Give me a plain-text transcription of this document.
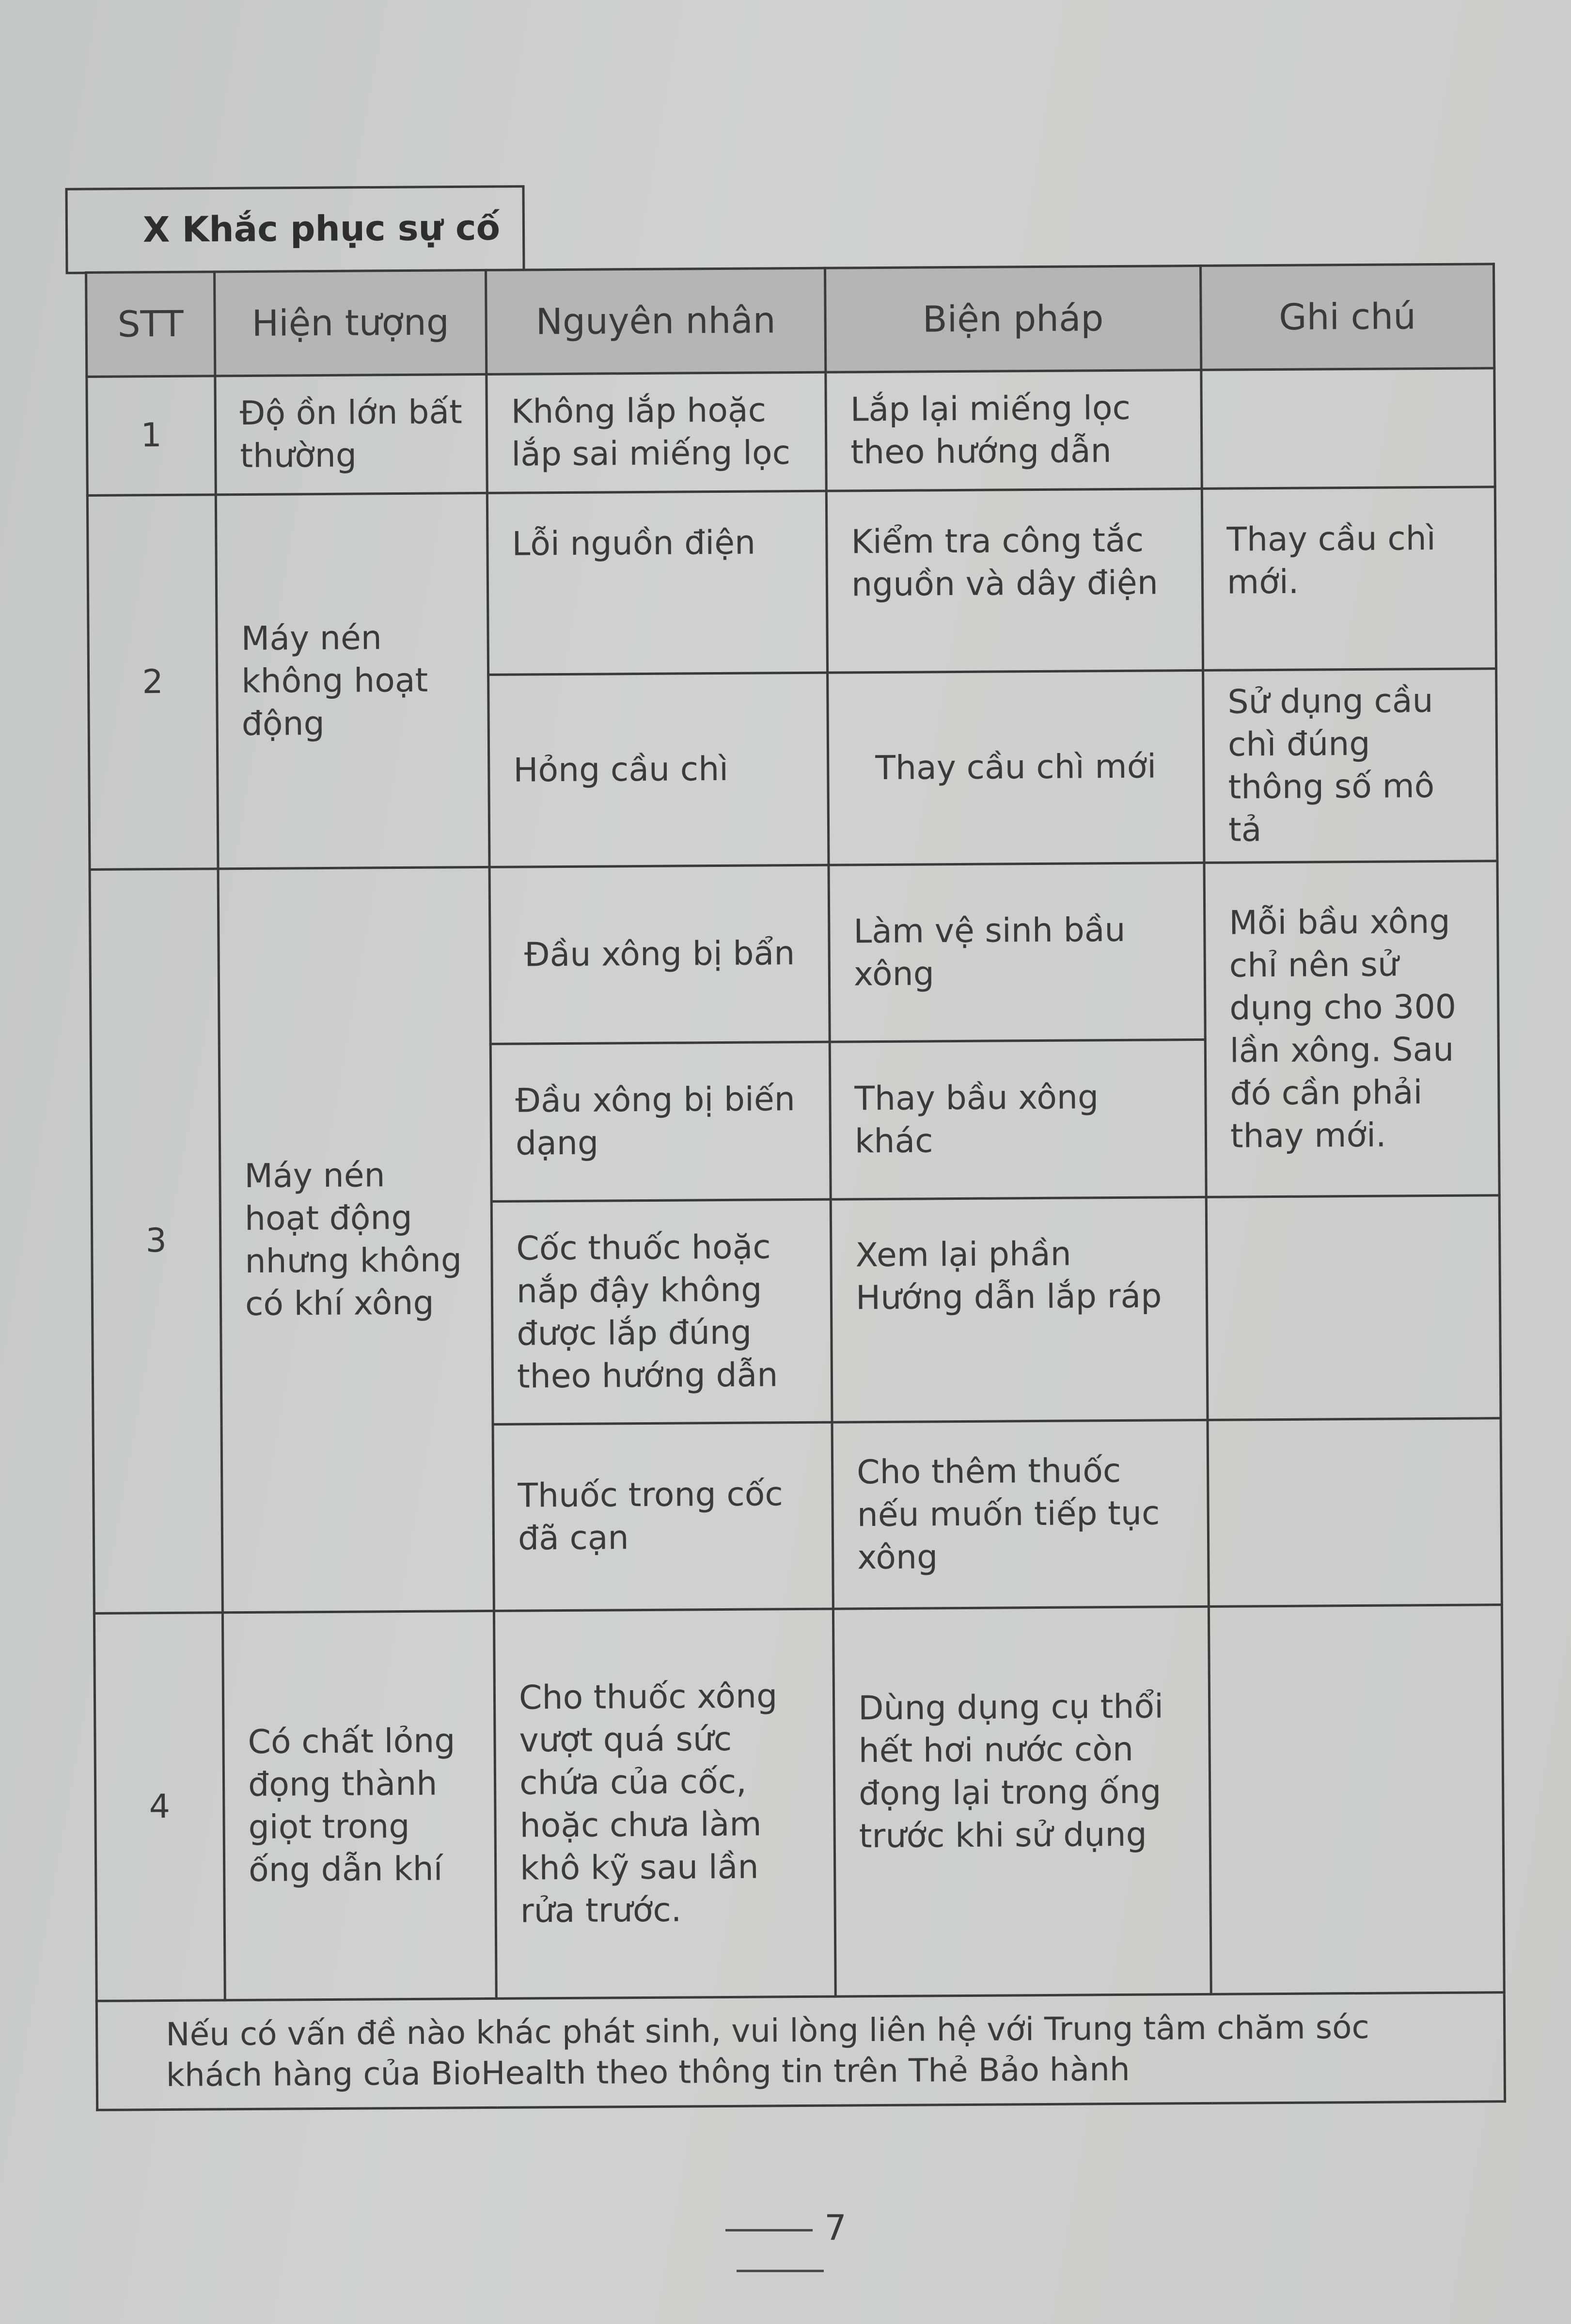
X Khắc phục sự cố
STT	Hiện tượng	Nguyên nhân	Biện pháp	Ghi chú
1	Độ ồn lớn bất thường	Không lắp hoặc lắp sai miếng lọc	Lắp lại miếng lọc theo hướng dẫn	
2	Máy nén không hoạt động	Lỗi nguồn điện	Kiểm tra công tắc nguồn và dây điện	Thay cầu chì mới.
		Hỏng cầu chì	Thay cầu chì mới	Sử dụng cầu chì đúng thông số mô tả
3	Máy nén hoạt động nhưng không có khí xông	Đầu xông bị bẩn	Làm vệ sinh bầu xông	Mỗi bầu xông chỉ nên sử dụng cho 300 lần xông. Sau đó cần phải thay mới.
		Đầu xông bị biến dạng	Thay bầu xông khác	
		Cốc thuốc hoặc nắp đậy không được lắp đúng theo hướng dẫn	Xem lại phần Hướng dẫn lắp ráp	
		Thuốc trong cốc đã cạn	Cho thêm thuốc nếu muốn tiếp tục xông	
4	Có chất lỏng đọng thành giọt trong ống dẫn khí	Cho thuốc xông vượt quá sức chứa của cốc, hoặc chưa làm khô kỹ sau lần rửa trước.	Dùng dụng cụ thổi hết hơi nước còn đọng lại trong ống trước khi sử dụng	
Nếu có vấn đề nào khác phát sinh, vui lòng liên hệ với Trung tâm chăm sóc khách hàng của BioHealth theo thông tin trên Thẻ Bảo hành				
7
